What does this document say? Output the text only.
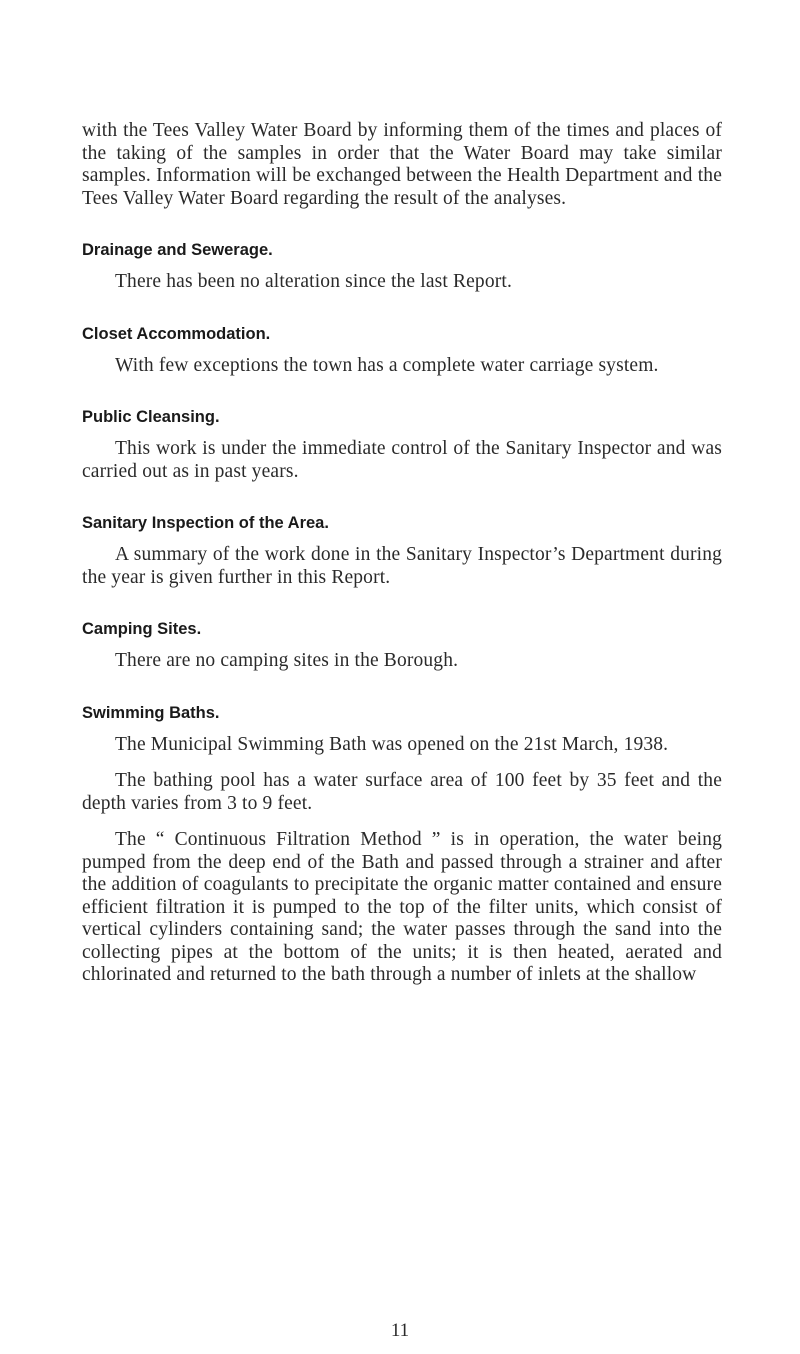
with the Tees Valley Water Board by informing them of the times and places of the taking of the samples in order that the Water Board may take similar samples. Information will be exchanged between the Health Department and the Tees Valley Water Board regarding the result of the analyses.

Drainage and Sewerage.

There has been no alteration since the last Report.

Closet Accommodation.

With few exceptions the town has a complete water carriage system.

Public Cleansing.

This work is under the immediate control of the Sanitary Inspector and was carried out as in past years.

Sanitary Inspection of the Area.

A summary of the work done in the Sanitary Inspector’s Department during the year is given further in this Report.

Camping Sites.

There are no camping sites in the Borough.

Swimming Baths.

The Municipal Swimming Bath was opened on the 21st March, 1938.

The bathing pool has a water surface area of 100 feet by 35 feet and the depth varies from 3 to 9 feet.

The “ Continuous Filtration Method ” is in operation, the water being pumped from the deep end of the Bath and passed through a strainer and after the addition of coagulants to precipitate the organic matter contained and ensure efficient filtration it is pumped to the top of the filter units, which consist of vertical cylinders containing sand; the water passes through the sand into the collecting pipes at the bottom of the units; it is then heated, aerated and chlorinated and returned to the bath through a number of inlets at the shallow

11
